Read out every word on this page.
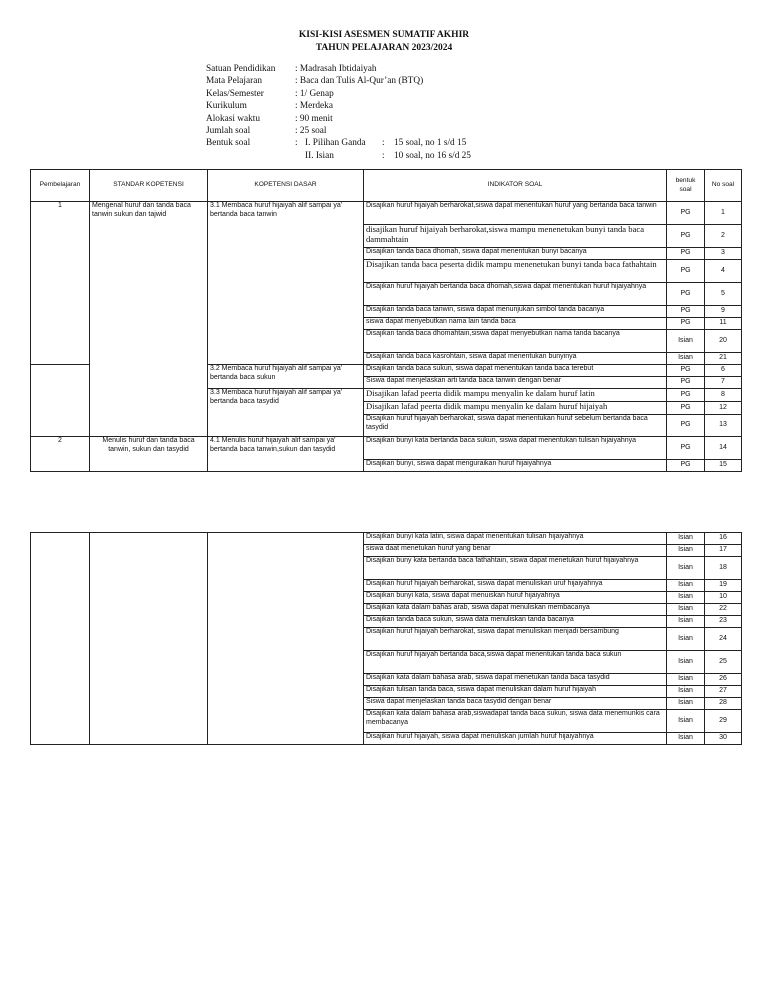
KISI-KISI ASESMEN SUMATIF AKHIR
TAHUN PELAJARAN 2023/2024
Satuan Pendidikan	: Madrasah Ibtidaiyah
Mata Pelajaran	: Baca dan Tulis Al-Qur’an (BTQ)
Kelas/Semester	: 1/ Genap
Kurikulum	: Merdeka
Alokasi waktu	: 90 menit
Jumlah soal	: 25 soal
Bentuk soal	: I. Pilihan Ganda : 15 soal, no 1 s/d 15
II. Isian	: 10 soal, no 16 s/d 25
Pembelajaran	STANDAR KOPETENSI	KOPETENSI DASAR	INDIKATOR SOAL	bentuk soal	No soal
1	Mengenal huruf dan tanda baca tanwin sukun dan tajwid	3.1 Membaca huruf hijaiyah alif sampai ya' bertanda baca tanwin	Disajikan huruf hijaiyah berharokat,siswa dapat menentukan huruf yang bertanda baca tanwin	PG	1
			disajikan huruf hijaiyah berharokat,siswa mampu menenetukan bunyi tanda baca dammahtain	PG	2
			Disajikan tanda baca dhomah, siswa dapat menentukan bunyi bacanya	PG	3
			Disajikan tanda baca peserta didik mampu menenetukan bunyi tanda baca fathahtain	PG	4
			Disajikan huruf hijaiyah bertanda baca dhomah,siswa dapat menentukan huruf hijaiyahnya	PG	5
			Disajikan tanda baca tanwin, siswa dapat menunjukan simbol tanda bacanya	PG	9
			siswa dapat menyebutkan nama lain tanda baca	PG	11
			Disajikan tanda baca dhomahtain,siswa dapat menyebutkan nama tanda bacanya	Isian	20
			Disajikan tanda baca kasrohtain, siswa dapat menentukan bunyinya	Isian	21
		3.2 Membaca huruf hijaiyah alif sampai ya' bertanda baca sukun	Disajikan tanda baca sukun, siswa dapat menentukan tanda baca terebut	PG	6
			Siswa dapat menjelaskan arti tanda baca tanwin dengan benar	PG	7
		3.3 Membaca huruf hijaiyah alif sampai ya' bertanda baca tasydid	Disajikan lafad peerta didik mampu menyalin ke dalam huruf latin	PG	8
			Disajikan lafad peerta didik mampu menyalin ke dalam huruf hijaiyah	PG	12
			Disajikan huruf hijaiyah berharokat, siswa dapat menentukan huruf sebelum bertanda baca tasydid	PG	13
2	Menulis huruf dan tanda baca tanwin, sukun dan tasydid	4.1 Menulis huruf hijaiyah alif sampai ya' bertanda baca tanwin,sukun dan tasydid	Disajikan bunyi kata bertanda baca sukun, siswa dapat menentukan tulisan hijaiyahnya	PG	14
			Disajikan bunyi, siswa dapat menguraikan huruf hijaiyahnya	PG	15
			Disajikan bunyi kata latin, siswa dapat menentukan tulisan hijaiyahnya	Isian	16
			siswa daat menetukan huruf yang benar	Isian	17
			Disajikan buny kata bertanda baca fathahtain, siswa dapat menetukan huruf hijaiyahnya	Isian	18
			Disajikan huruf hijaiyah berharokat, siswa dapat menuliskan uruf hijaiyahnya	Isian	19
			Disajikan bunyi kata, siswa dapat menuiskan huruf hijaiyahnya	Isian	10
			Disajikan kata dalam bahas arab, siswa dapat menuliskan membacanya	Isian	22
			Disajikan tanda baca sukun, siswa data menuliskan tanda bacanya	Isian	23
			Disajikan huruf hijaiyah berharokat, siswa dapat menuliskan menjadi bersambung	Isian	24
			Disajikan huruf hijaiyah bertanda baca,siswa dapat menentukan tanda baca sukun	Isian	25
			Disajikan kata dalam bahasa arab, siswa dapat menetukan tanda baca tasydid	Isian	26
			Disajikan tulisan tanda baca, siswa dapat menuliskan dalam huruf hijaiyah	Isian	27
			Siswa dapat menjelaskan tanda baca tasydid dengan benar	Isian	28
			Disajikan kata dalam bahasa arab,siswadapat tanda baca sukun, siswa data menemunkis cara membacanya	Isian	29
			Disajikan huruf hijaiyah, siswa dapat menuliskan jumlah huruf hijaiyahnya	Isian	30
